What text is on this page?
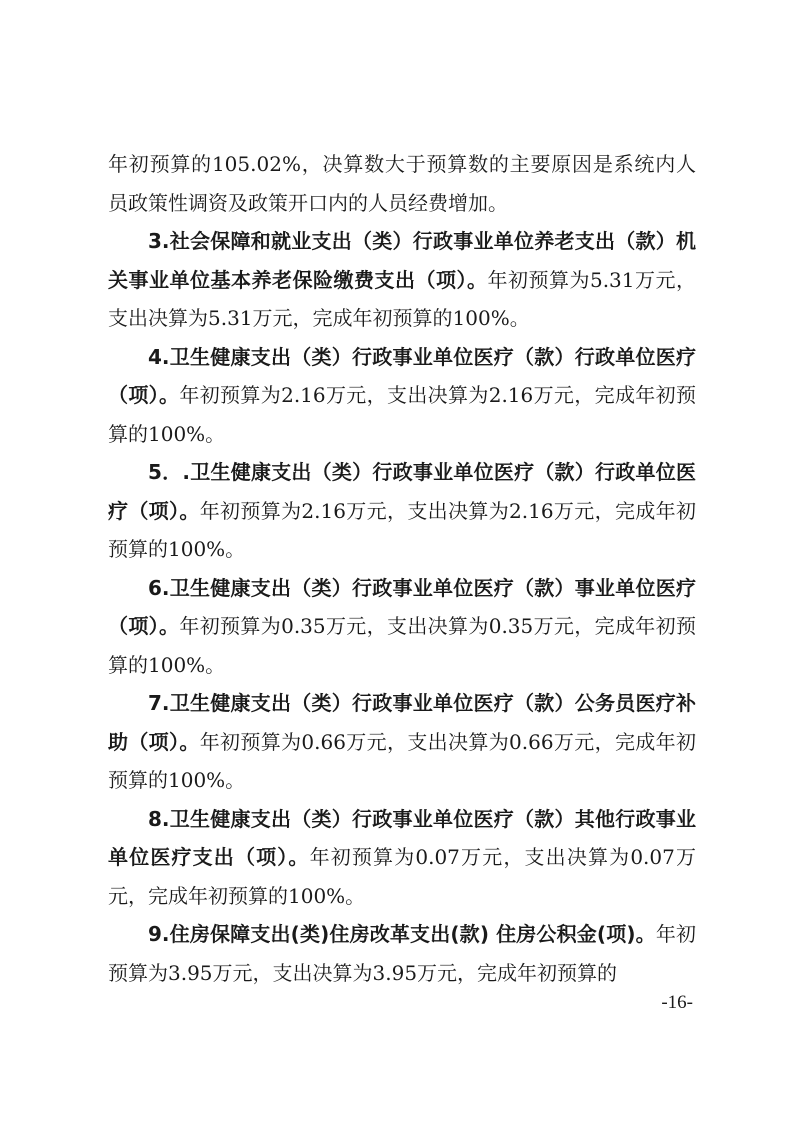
年初预算的105.02%，决算数大于预算数的主要原因是系统内人员政策性调资及政策开口内的人员经费增加。

3.社会保障和就业支出（类）行政事业单位养老支出（款）机关事业单位基本养老保险缴费支出（项）。年初预算为5.31万元，支出决算为5.31万元，完成年初预算的100%。

4.卫生健康支出（类）行政事业单位医疗（款）行政单位医疗（项）。年初预算为2.16万元，支出决算为2.16万元，完成年初预算的100%。

5．.卫生健康支出（类）行政事业单位医疗（款）行政单位医疗（项）。年初预算为2.16万元，支出决算为2.16万元，完成年初预算的100%。

6.卫生健康支出（类）行政事业单位医疗（款）事业单位医疗（项）。年初预算为0.35万元，支出决算为0.35万元，完成年初预算的100%。

7.卫生健康支出（类）行政事业单位医疗（款）公务员医疗补助（项）。年初预算为0.66万元，支出决算为0.66万元，完成年初预算的100%。

8.卫生健康支出（类）行政事业单位医疗（款）其他行政事业单位医疗支出（项）。年初预算为0.07万元，支出决算为0.07万元，完成年初预算的100%。

9.住房保障支出(类)住房改革支出(款) 住房公积金(项)。年初预算为3.95万元，支出决算为3.95万元，完成年初预算的

-16-
